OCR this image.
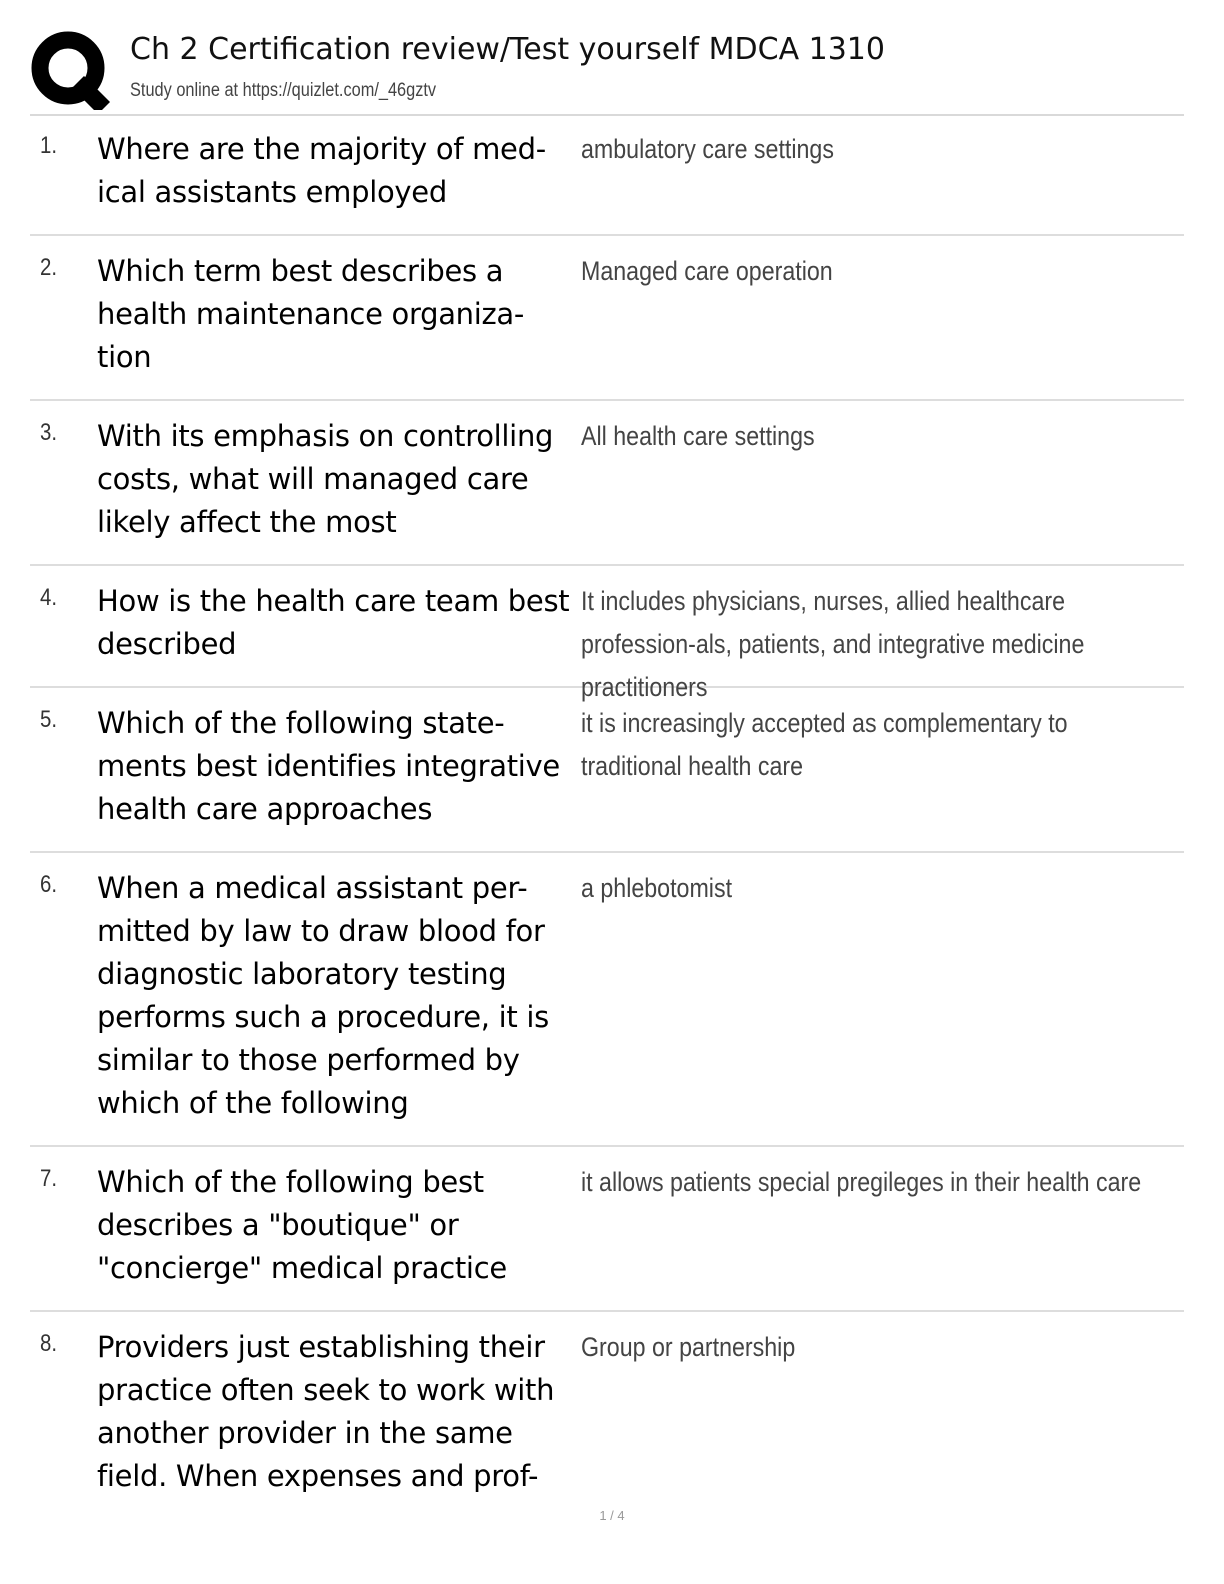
Ch 2 Certification review/Test yourself MDCA 1310
Study online at https://quizlet.com/_46gztv
1. Where are the majority of med-ical assistants employed
ambulatory care settings
2. Which term best describes a health maintenance organiza-tion
Managed care operation
3. With its emphasis on controlling costs, what will managed care likely affect the most
All health care settings
4. How is the health care team best described
It includes physicians, nurses, allied healthcare profession-als, patients, and integrative medicine practitioners
5. Which of the following state-ments best identifies integrative health care approaches
it is increasingly accepted as complementary to traditional health care
6. When a medical assistant per-mitted by law to draw blood for diagnostic laboratory testing performs such a procedure, it is similar to those performed by which of the following
a phlebotomist
7. Which of the following best describes a "boutique" or "concierge" medical practice
it allows patients special pregileges in their health care
8. Providers just establishing their practice often seek to work with another provider in the same field. When expenses and prof-
Group or partnership
1 / 4
